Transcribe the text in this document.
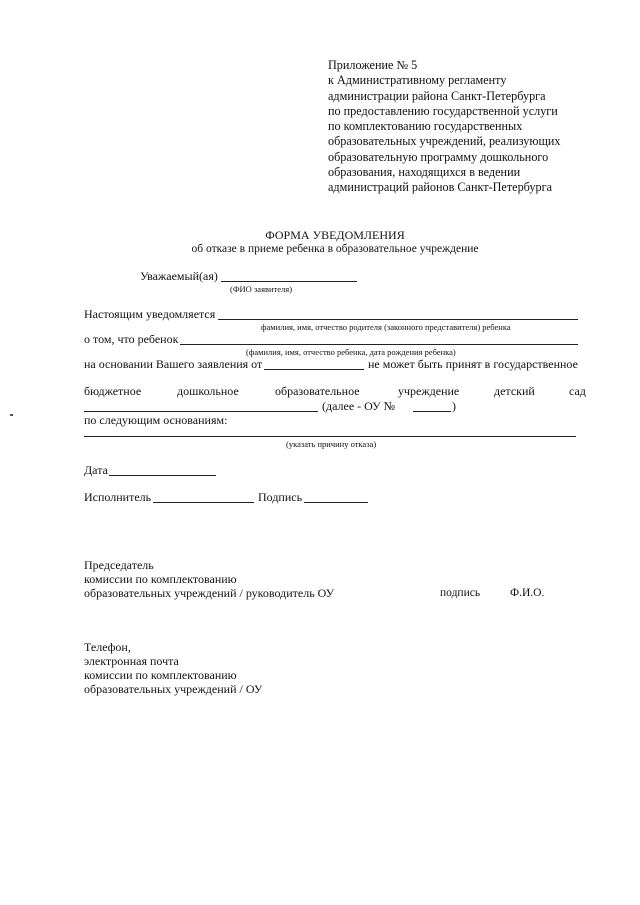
Приложение № 5
к Административному регламенту
администрации района Санкт-Петербурга
по предоставлению государственной услуги
по комплектованию государственных
образовательных учреждений, реализующих
образовательную программу дошкольного
образования, находящихся в ведении
администраций районов Санкт-Петербурга
ФОРМА УВЕДОМЛЕНИЯ
об отказе в приеме ребенка в образовательное учреждение
Уважаемый(ая)
(ФИО заявителя)
Настоящим уведомляется
фамилия, имя, отчество родителя (законного представителя) ребенка
о том, что ребенок
(фамилия, имя, отчество ребенка, дата рождения ребенка)
на основании Вашего заявления от	не может быть принят в государственное
бюджетное	дошкольное	образовательное	учреждение	детский	сад
(далее - ОУ №	)
по следующим основаниям:
(указать причину отказа)
Дата
Исполнитель	Подпись
Председатель
комиссии по комплектованию
образовательных учреждений / руководитель ОУ	подпись	Ф.И.О.
Телефон,
электронная почта
комиссии по комплектованию
образовательных учреждений / ОУ
